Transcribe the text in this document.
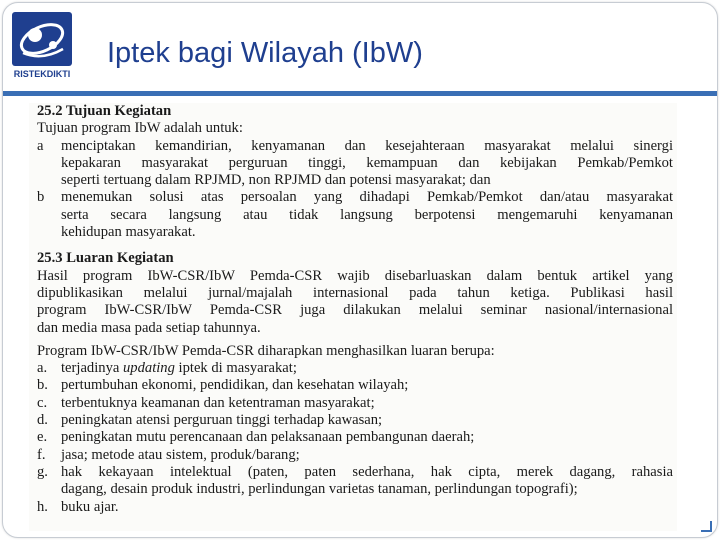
RISTEKDIKTI
Iptek bagi Wilayah (IbW)
25.2 Tujuan Kegiatan
Tujuan program IbW adalah untuk:
a	menciptakan kemandirian, kenyamanan dan kesejahteraan masyarakat melalui sinergi
kepakaran masyarakat perguruan tinggi, kemampuan dan kebijakan Pemkab/Pemkot
seperti tertuang dalam RPJMD, non RPJMD dan potensi masyarakat; dan
b	menemukan solusi atas persoalan yang dihadapi Pemkab/Pemkot dan/atau masyarakat
serta secara langsung atau tidak langsung berpotensi mengemaruhi kenyamanan
kehidupan masyarakat.
25.3 Luaran Kegiatan
Hasil program IbW-CSR/IbW Pemda-CSR wajib disebarluaskan dalam bentuk artikel yang
dipublikasikan melalui jurnal/majalah internasional pada tahun ketiga. Publikasi hasil
program IbW-CSR/IbW Pemda-CSR juga dilakukan melalui seminar nasional/internasional
dan media masa pada setiap tahunnya.
Program IbW-CSR/IbW Pemda-CSR diharapkan menghasilkan luaran berupa:
a. terjadinya updating iptek di masyarakat;
b. pertumbuhan ekonomi, pendidikan, dan kesehatan wilayah;
c. terbentuknya keamanan dan ketentraman masyarakat;
d. peningkatan atensi perguruan tinggi terhadap kawasan;
e. peningkatan mutu perencanaan dan pelaksanaan pembangunan daerah;
f.	jasa; metode atau sistem, produk/barang;
g. hak kekayaan intelektual (paten, paten sederhana, hak cipta, merek dagang, rahasia
dagang, desain produk industri, perlindungan varietas tanaman, perlindungan topografi);
h. buku ajar.
